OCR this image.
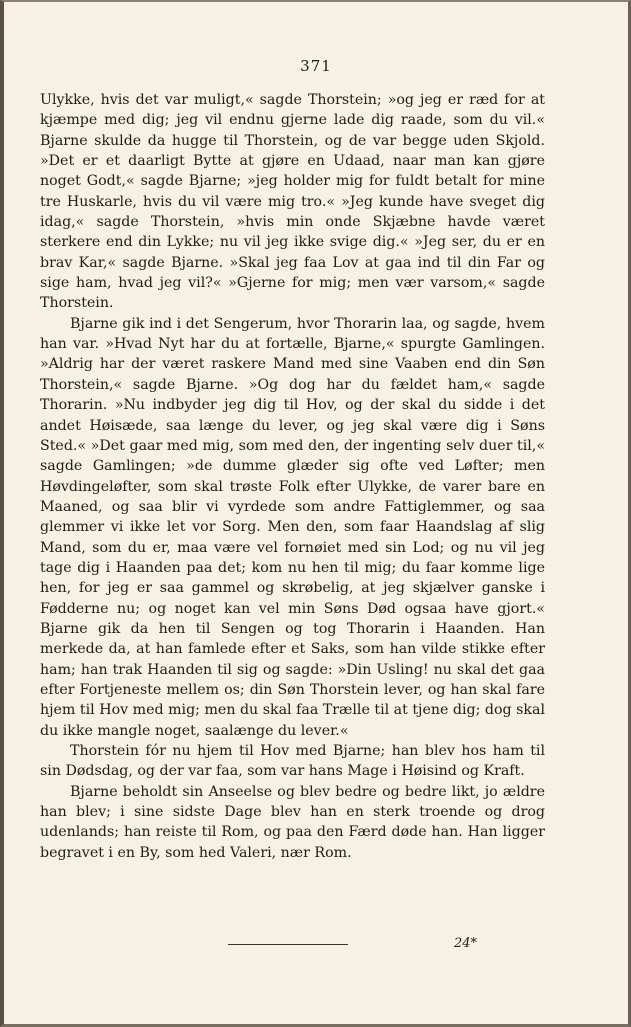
371

Ulykke, hvis det var muligt,« sagde Thorstein; »og jeg er ræd for at kjæmpe med dig; jeg vil endnu gjerne lade dig raade, som du vil.« Bjarne skulde da hugge til Thorstein, og de var begge uden Skjold. »Det er et daarligt Bytte at gjøre en Udaad, naar man kan gjøre noget Godt,« sagde Bjarne; »jeg holder mig for fuldt betalt for mine tre Huskarle, hvis du vil være mig tro.« »Jeg kunde have sveget dig idag,« sagde Thorstein, »hvis min onde Skjæbne havde været sterkere end din Lykke; nu vil jeg ikke svige dig.« »Jeg ser, du er en brav Kar,« sagde Bjarne. »Skal jeg faa Lov at gaa ind til din Far og sige ham, hvad jeg vil?« »Gjerne for mig; men vær varsom,« sagde Thorstein.

Bjarne gik ind i det Sengerum, hvor Thorarin laa, og sagde, hvem han var. »Hvad Nyt har du at fortælle, Bjarne,« spurgte Gamlingen. »Aldrig har der været raskere Mand med sine Vaaben end din Søn Thorstein,« sagde Bjarne. »Og dog har du fældet ham,« sagde Thorarin. »Nu indbyder jeg dig til Hov, og der skal du sidde i det andet Høisæde, saa længe du lever, og jeg skal være dig i Søns Sted.« »Det gaar med mig, som med den, der ingenting selv duer til,« sagde Gamlingen; »de dumme glæder sig ofte ved Løfter; men Høvdingeløfter, som skal trøste Folk efter Ulykke, de varer bare en Maaned, og saa blir vi vyrdede som andre Fattiglemmer, og saa glemmer vi ikke let vor Sorg. Men den, som faar Haandslag af slig Mand, som du er, maa være vel fornøiet med sin Lod; og nu vil jeg tage dig i Haanden paa det; kom nu hen til mig; du faar komme lige hen, for jeg er saa gammel og skrøbelig, at jeg skjælver ganske i Fødderne nu; og noget kan vel min Søns Død ogsaa have gjort.« Bjarne gik da hen til Sengen og tog Thorarin i Haanden. Han merkede da, at han famlede efter et Saks, som han vilde stikke efter ham; han trak Haanden til sig og sagde: »Din Usling! nu skal det gaa efter Fortjeneste mellem os; din Søn Thorstein lever, og han skal fare hjem til Hov med mig; men du skal faa Trælle til at tjene dig; dog skal du ikke mangle noget, saalænge du lever.«

Thorstein fór nu hjem til Hov med Bjarne; han blev hos ham til sin Dødsdag, og der var faa, som var hans Mage i Høisind og Kraft.

Bjarne beholdt sin Anseelse og blev bedre og bedre likt, jo ældre han blev; i sine sidste Dage blev han en sterk troende og drog udenlands; han reiste til Rom, og paa den Færd døde han. Han ligger begravet i en By, som hed Valeri, nær Rom.

24*
